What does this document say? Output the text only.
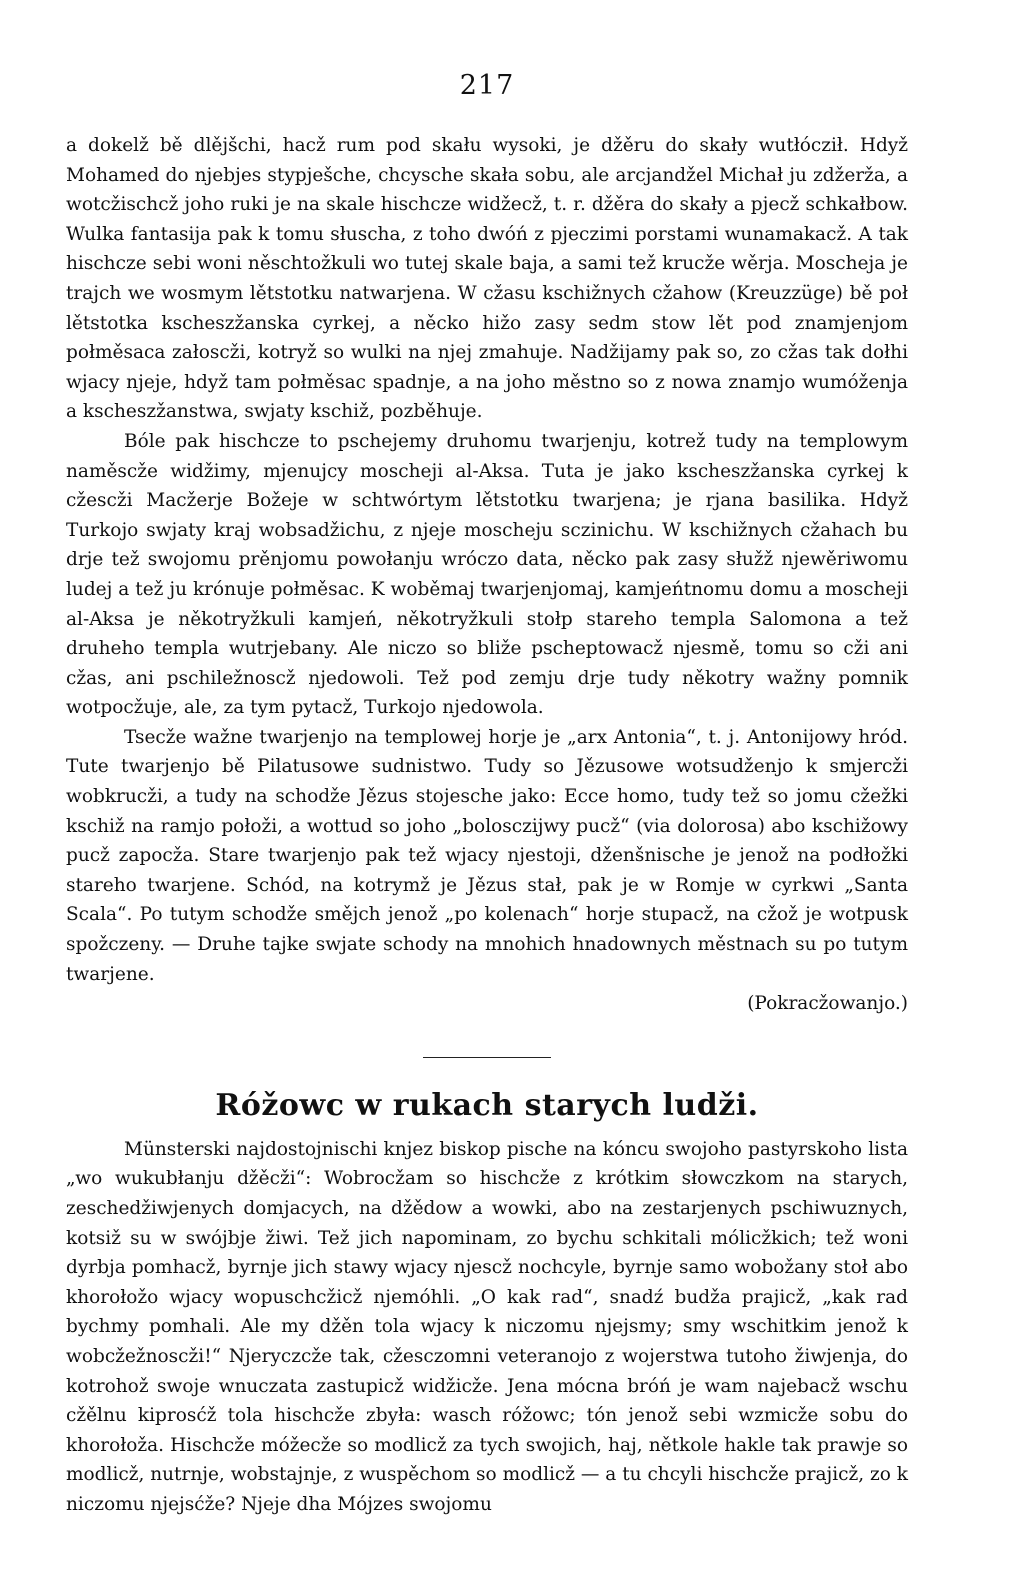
217

a dokelž bě dlějšchi, hacž rum pod skału wysoki, je džěru do skały wutłócził. Hdyž Mohamed do njebjes stypješche, chcysche skała sobu, ale arcjandžel Michał ju zdžerža, a wotcžischcž joho ruki je na skale hischcze widžecž, t. r. džěra do skały a pjecž schkałbow. Wulka fantasija pak k tomu słuscha, z toho dwóń z pjeczimi porstami wunamakacž. A tak hischcze sebi woni něschtožkuli wo tutej skale baja, a sami tež krucže wěrja. Moscheja je trajch we wosmym lětstotku natwarjena. W cžasu kschižnych cžahow (Kreuzzüge) bě poł lětstotka kscheszžanska cyrkej, a něcko hižo zasy sedm stow lět pod znamjenjom połměsaca załoscži, kotryž so wulki na njej zmahuje. Nadžijamy pak so, zo cžas tak dołhi wjacy njeje, hdyž tam połměsac spadnje, a na joho městno so z nowa znamjo wumóženja a kscheszžanstwa, swjaty kschiž, pozběhuje.

Bóle pak hischcze to pschejemy druhomu twarjenju, kotrež tudy na templowym naměscže widžimy, mjenujcy moscheji al-Aksa. Tuta je jako kscheszžanska cyrkej k cžescži Macžerje Božeje w schtwórtym lětstotku twarjena; je rjana basilika. Hdyž Turkojo swjaty kraj wobsadžichu, z njeje moscheju sczinichu. W kschižnych cžahach bu drje tež swojomu prěnjomu powołanju wróczo data, něcko pak zasy słužž njewěriwomu ludej a tež ju krónuje połměsac. K woběmaj twarjenjomaj, kamjeńtnomu domu a moscheji al-Aksa je někotryžkuli kamjeń, někotryžkuli stołp stareho templa Salomona a tež druheho templa wutrjebany. Ale niczo so bliže pscheptowacž njesmě, tomu so cži ani cžas, ani pschiležnoscž njedowoli. Tež pod zemju drje tudy někotry wažny pomnik wotpocžuje, ale, za tym pytacž, Turkojo njedowola.

Tsecže wažne twarjenjo na templowej horje je „arx Antonia“, t. j. Antonijowy hród. Tute twarjenjo bě Pilatusowe sudnistwo. Tudy so Jězusowe wotsudženjo k smjercži wobkrucži, a tudy na schodže Jězus stojesche jako: Ecce homo, tudy tež so jomu cžežki kschiž na ramjo połoži, a wottud so joho „bolosczijwy pucž“ (via dolorosa) abo kschižowy pucž zapocža. Stare twarjenjo pak tež wjacy njestoji, dženšnische je jenož na podłožki stareho twarjene. Schód, na kotrymž je Jězus stał, pak je w Romje w cyrkwi „Santa Scala“. Po tutym schodže smějch jenož „po kolenach“ horje stupacž, na cžož je wotpusk spožczeny. — Druhe tajke swjate schody na mnohich hnadownych městnach su po tutym twarjene.

(Pokracžowanjo.)
Róžowc w rukach starych ludži.

Münsterski najdostojnischi knjez biskop pische na kóncu swojoho pastyrskoho lista „wo wukubłanju džěcži“: Wobrocžam so hischcže z krótkim słowczkom na starych, zeschedžiwjenych domjacych, na džědow a wowki, abo na zestarjenych pschiwuznych, kotsiž su w swójbje žiwi. Tež jich napominam, zo bychu schkitali mólicžkich; tež woni dyrbja pomhacž, byrnje jich stawy wjacy njescž nochcyle, byrnje samo wobožany stoł abo khorołožo wjacy wopuschcžicž njemóhli. „O kak rad“, snadź budža prajicž, „kak rad bychmy pomhali. Ale my džěn tola wjacy k niczomu njejsmy; smy wschitkim jenož k wobcžežnoscži!“ Njeryczcže tak, cžesczomni veteranojo z wojerstwa tutoho žiwjenja, do kotrohož swoje wnuczata zastupicž widžicže. Jena mócna bróń je wam najebacž wschu cžělnu kiprosćž tola hischcže zbyła: wasch róžowc; tón jenož sebi wzmicže sobu do khorołoža. Hischcže móžecže so modlicž za tych swojich, haj, nětkole hakle tak prawje so modlicž, nutrnje, wobstajnje, z wuspěchom so modlicž — a tu chcyli hischcže prajicž, zo k niczomu njejsćže? Njeje dha Mójzes swojomu
